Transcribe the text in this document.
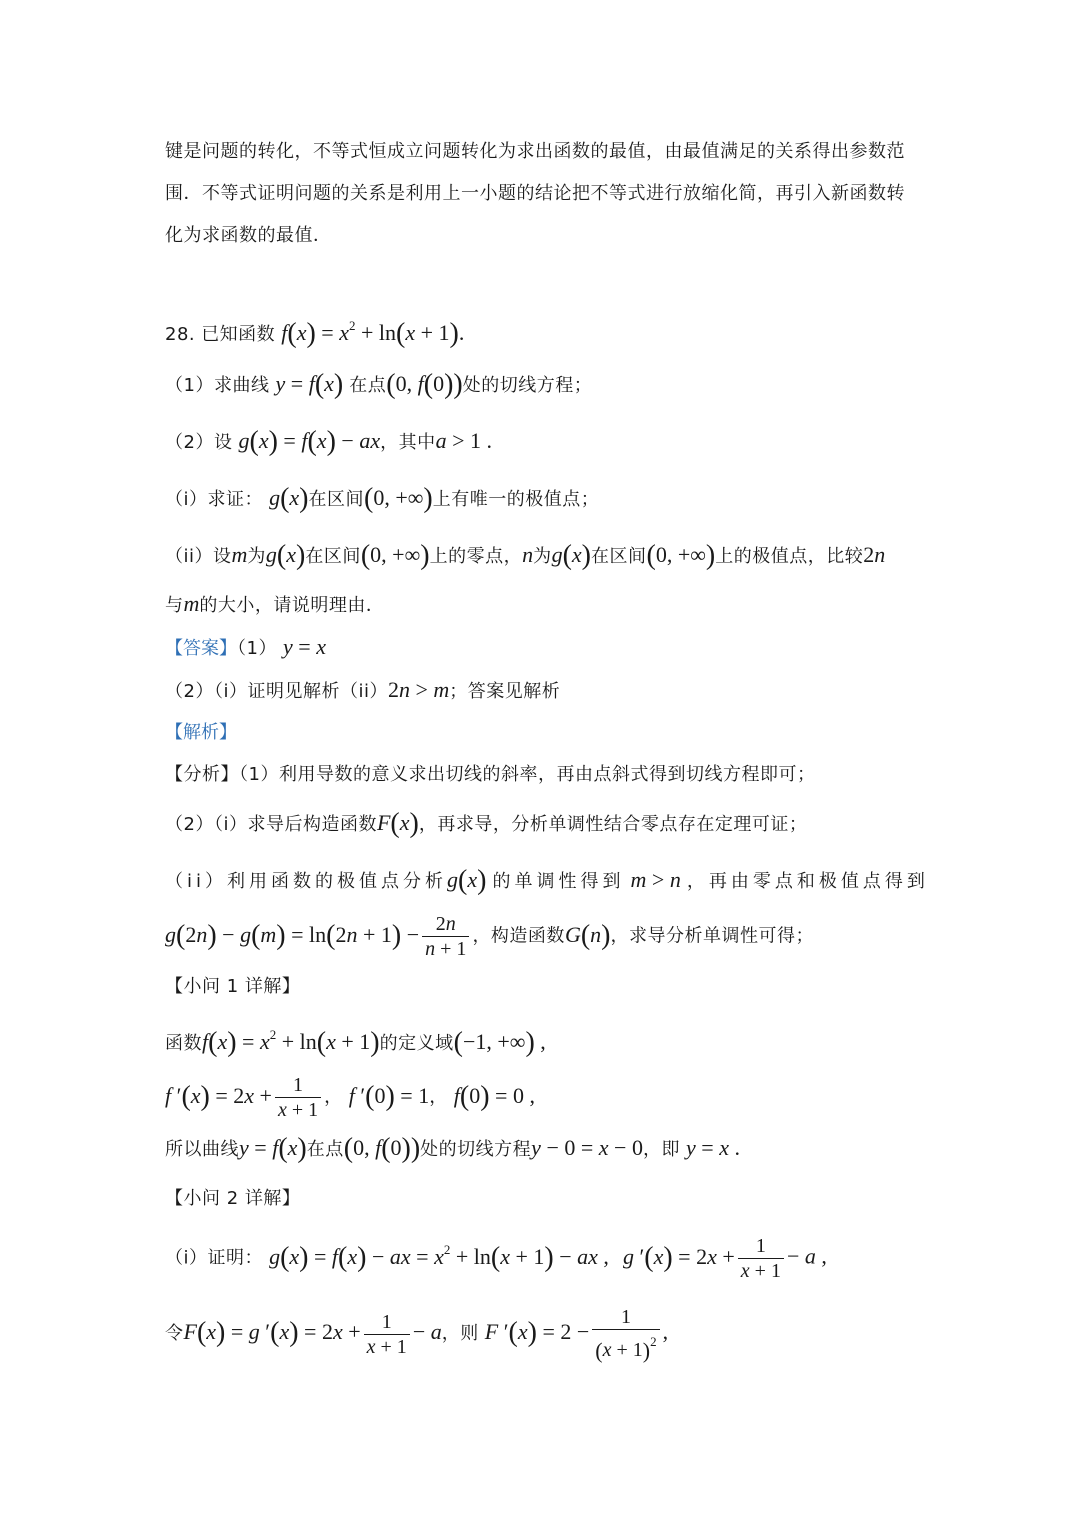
键是问题的转化，不等式恒成立问题转化为求出函数的最值，由最值满足的关系得出参数范
围．不等式证明问题的关系是利用上一小题的结论把不等式进行放缩化简，再引入新函数转
化为求函数的最值．
28. 已知函数 $f(x) = x^2 + \ln(x + 1)$.
（1）求曲线 y = f(x) 在点(0, f(0))处的切线方程；
（2）设 g(x) = f(x) − ax，其中a > 1 .
（i）求证： g(x)在区间(0, +∞)上有唯一的极值点；
（ii）设m为g(x)在区间(0, +∞)上的零点，n为g(x)在区间(0, +∞)上的极值点，比较2n
与m的大小，请说明理由．
【答案】（1） y = x
（2）（i）证明见解析（ii）2n > m；答案见解析
【解析】
【分析】（1）利用导数的意义求出切线的斜率，再由点斜式得到切线方程即可；
（2）（i）求导后构造函数F(x)，再求导，分析单调性结合零点存在定理可证；
（ii）利用函数的极值点分析g(x) 的单调性得到 m > n ，再由零点和极值点得到
$g(2n) - g(m) = \ln(2n + 1) - \frac{2n}{n + 1}$ ，构造函数G(n)，求导分析单调性可得；
【小问 1 详解】
函数$f(x) = x^2 + \ln(x + 1)$的定义域(−1, +∞) ,
f $'(x) = 2x + \frac{1}{x + 1}$ ， f ′(0) = 1， f(0) = 0 ,
所以曲线y = f(x)在点(0, f(0))处的切线方程y − 0 = x − 0，即 y = x .
【小问 2 详解】
（i）证明： g(x) = f(x) − ax = $x^2 + \ln(x + 1)$ − ax , g $'(x) = 2x + \frac{1}{x + 1} - a$ ,
令F(x) = g $'(x) = 2x + \frac{1}{x + 1} - a$，则 F $'(x) = 2 - \frac{1}{(x + 1)^2}$ ,
